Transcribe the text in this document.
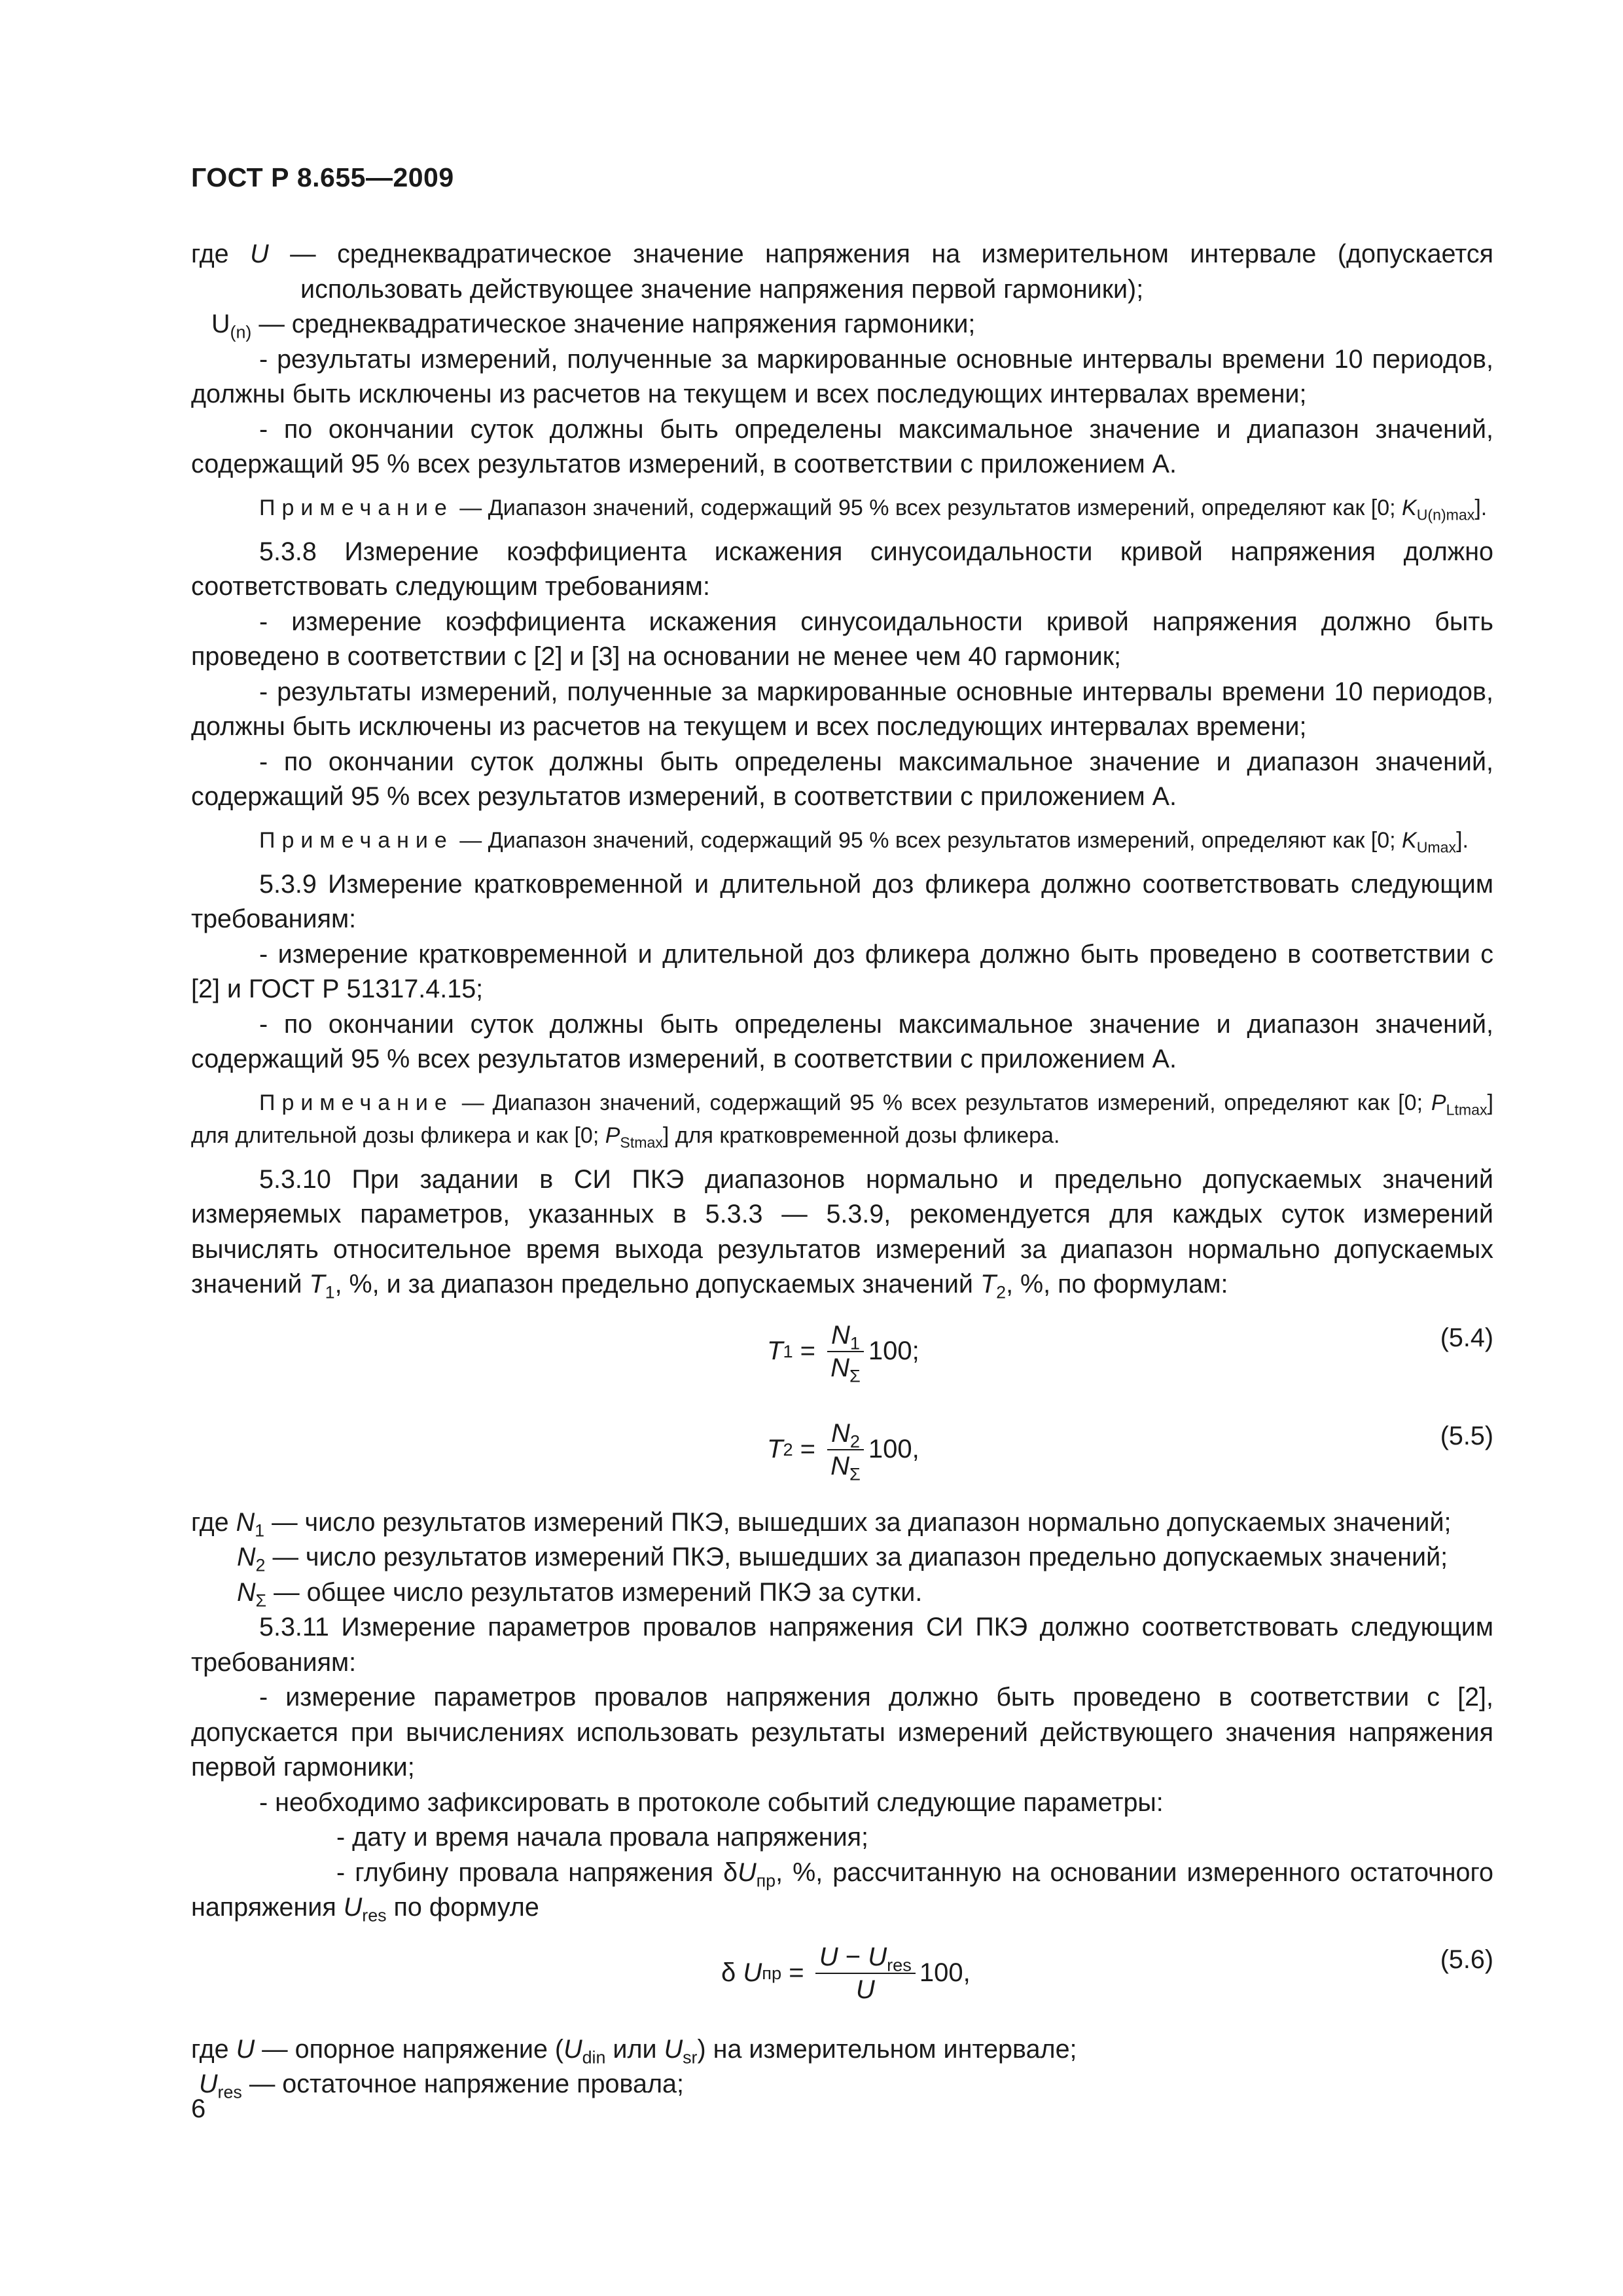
ГОСТ Р 8.655—2009

где U — среднеквадратическое значение напряжения на измерительном интервале (допускается использовать действующее значение напряжения первой гармоники);

$U_{(n)}$ — среднеквадратическое значение напряжения гармоники;

- результаты измерений, полученные за маркированные основные интервалы времени 10 периодов, должны быть исключены из расчетов на текущем и всех последующих интервалах времени;

- по окончании суток должны быть определены максимальное значение и диапазон значений, содержащий 95 % всех результатов измерений, в соответствии с приложением А.

Примечание — Диапазон значений, содержащий 95 % всех результатов измерений, определяют как [0; $K_{U(n)max}$].

5.3.8 Измерение коэффициента искажения синусоидальности кривой напряжения должно соответствовать следующим требованиям:

- измерение коэффициента искажения синусоидальности кривой напряжения должно быть проведено в соответствии с [2] и [3] на основании не менее чем 40 гармоник;

- результаты измерений, полученные за маркированные основные интервалы времени 10 периодов, должны быть исключены из расчетов на текущем и всех последующих интервалах времени;

- по окончании суток должны быть определены максимальное значение и диапазон значений, содержащий 95 % всех результатов измерений, в соответствии с приложением А.

Примечание — Диапазон значений, содержащий 95 % всех результатов измерений, определяют как [0; $K_{Umax}$].

5.3.9 Измерение кратковременной и длительной доз фликера должно соответствовать следующим требованиям:

- измерение кратковременной и длительной доз фликера должно быть проведено в соответствии с [2] и ГОСТ Р 51317.4.15;

- по окончании суток должны быть определены максимальное значение и диапазон значений, содержащий 95 % всех результатов измерений, в соответствии с приложением А.

Примечание — Диапазон значений, содержащий 95 % всех результатов измерений, определяют как [0; $P_{Ltmax}$] для длительной дозы фликера и как [0; $P_{Stmax}$] для кратковременной дозы фликера.

5.3.10 При задании в СИ ПКЭ диапазонов нормально и предельно допускаемых значений измеряемых параметров, указанных в 5.3.3 — 5.3.9, рекомендуется для каждых суток измерений вычислять относительное время выхода результатов измерений за диапазон нормально допускаемых значений $T_1$, %, и за диапазон предельно допускаемых значений $T_2$, %, по формулам:

T $1 = \frac{N_1}{N_\Sigma} 100$;	(5.4)
T $2 = \frac{N_2}{N_\Sigma} 100$,	(5.5)

где $N_1$ — число результатов измерений ПКЭ, вышедших за диапазон нормально допускаемых значений;

$N_2$ — число результатов измерений ПКЭ, вышедших за диапазон предельно допускаемых значений;

$N_\Sigma$ — общее число результатов измерений ПКЭ за сутки.

5.3.11 Измерение параметров провалов напряжения СИ ПКЭ должно соответствовать следующим требованиям:

- измерение параметров провалов напряжения должно быть проведено в соответствии с [2], допускается при вычислениях использовать результаты измерений действующего значения напряжения первой гармоники;

- необходимо зафиксировать в протоколе событий следующие параметры:

- дату и время начала провала напряжения;

- глубину провала напряжения $\delta U_{пр}$, %, рассчитанную на основании измеренного остаточного напряжения $U_{res}$ по формуле

δ U пр = $\frac{U - U_{res}}{U} 100$,	(5.6)

где U — опорное напряжение ($U_{din}$ или $U_{sr}$) на измерительном интервале;

$U_{res}$ — остаточное напряжение провала;

6
